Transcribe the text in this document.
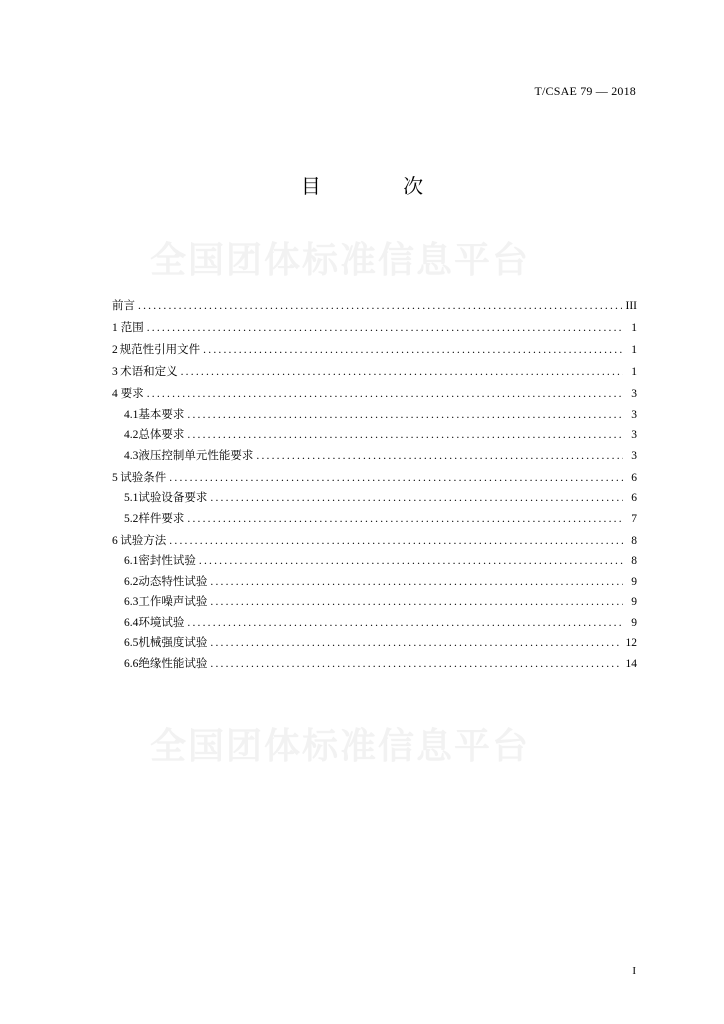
T/CSAE 79 — 2018
目 次
全国团体标准信息平台
全国团体标准信息平台
前言 .....	III
1 范围 .....	1
2 规范性引用文件 .....	1
3 术语和定义 .....	1
4 要求 .....	3
4.1 基本要求 .....	3
4.2 总体要求 .....	3
4.3 液压控制单元性能要求 .....	3
5 试验条件 .....	6
5.1 试验设备要求 .....	6
5.2 样件要求 .....	7
6 试验方法 .....	8
6.1 密封性试验 .....	8
6.2 动态特性试验 .....	9
6.3 工作噪声试验 .....	9
6.4 环境试验 .....	9
6.5 机械强度试验 .....	12
6.6 绝缘性能试验 .....	14
I
